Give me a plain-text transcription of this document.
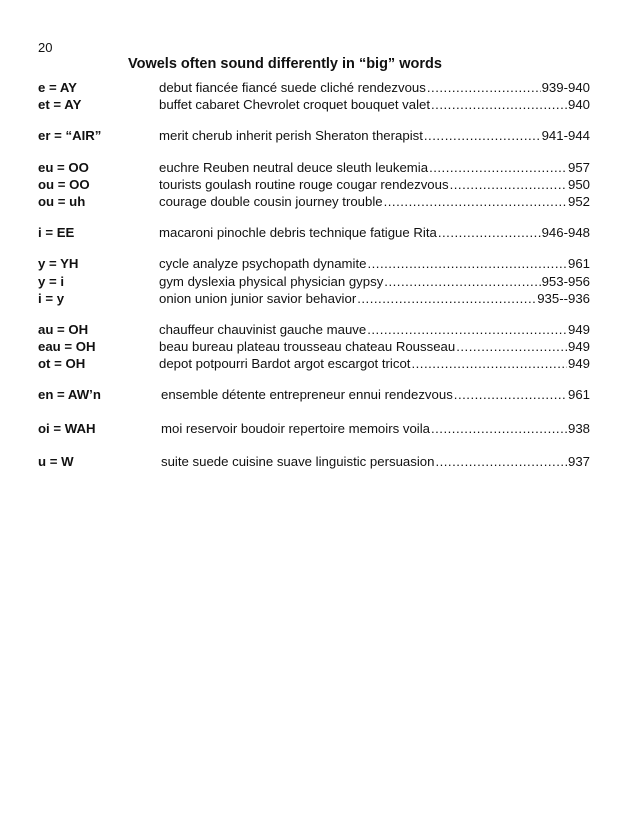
20
Vowels often sound differently in “big” words
e = AY	debut fiancée fiancé suede cliché rendezvous .....	939-940
et = AY	buffet cabaret Chevrolet croquet bouquet valet .....	940
er = “AIR”	merit cherub inherit perish Sheraton therapist .....	941-944
eu = OO	euchre Reuben neutral deuce sleuth leukemia .....	957
ou = OO	tourists goulash routine rouge cougar rendezvous .....	950
ou = uh	courage double cousin journey trouble .....	952
i = EE	macaroni pinochle debris technique fatigue Rita .....	946-948
y = YH	cycle analyze psychopath dynamite .....	961
y = i	gym dyslexia physical physician gypsy .....	953-956
i = y	onion union junior savior behavior .....	935--936
au = OH	chauffeur chauvinist gauche mauve .....	949
eau = OH	beau bureau plateau trousseau chateau Rousseau .....	949
ot = OH	depot potpourri Bardot argot escargot tricot .....	949
en = AW’n	ensemble détente entrepreneur ennui rendezvous .....	961
oi = WAH	moi reservoir boudoir repertoire memoirs voila .....	938
u = W	suite suede cuisine suave linguistic persuasion .....	937
